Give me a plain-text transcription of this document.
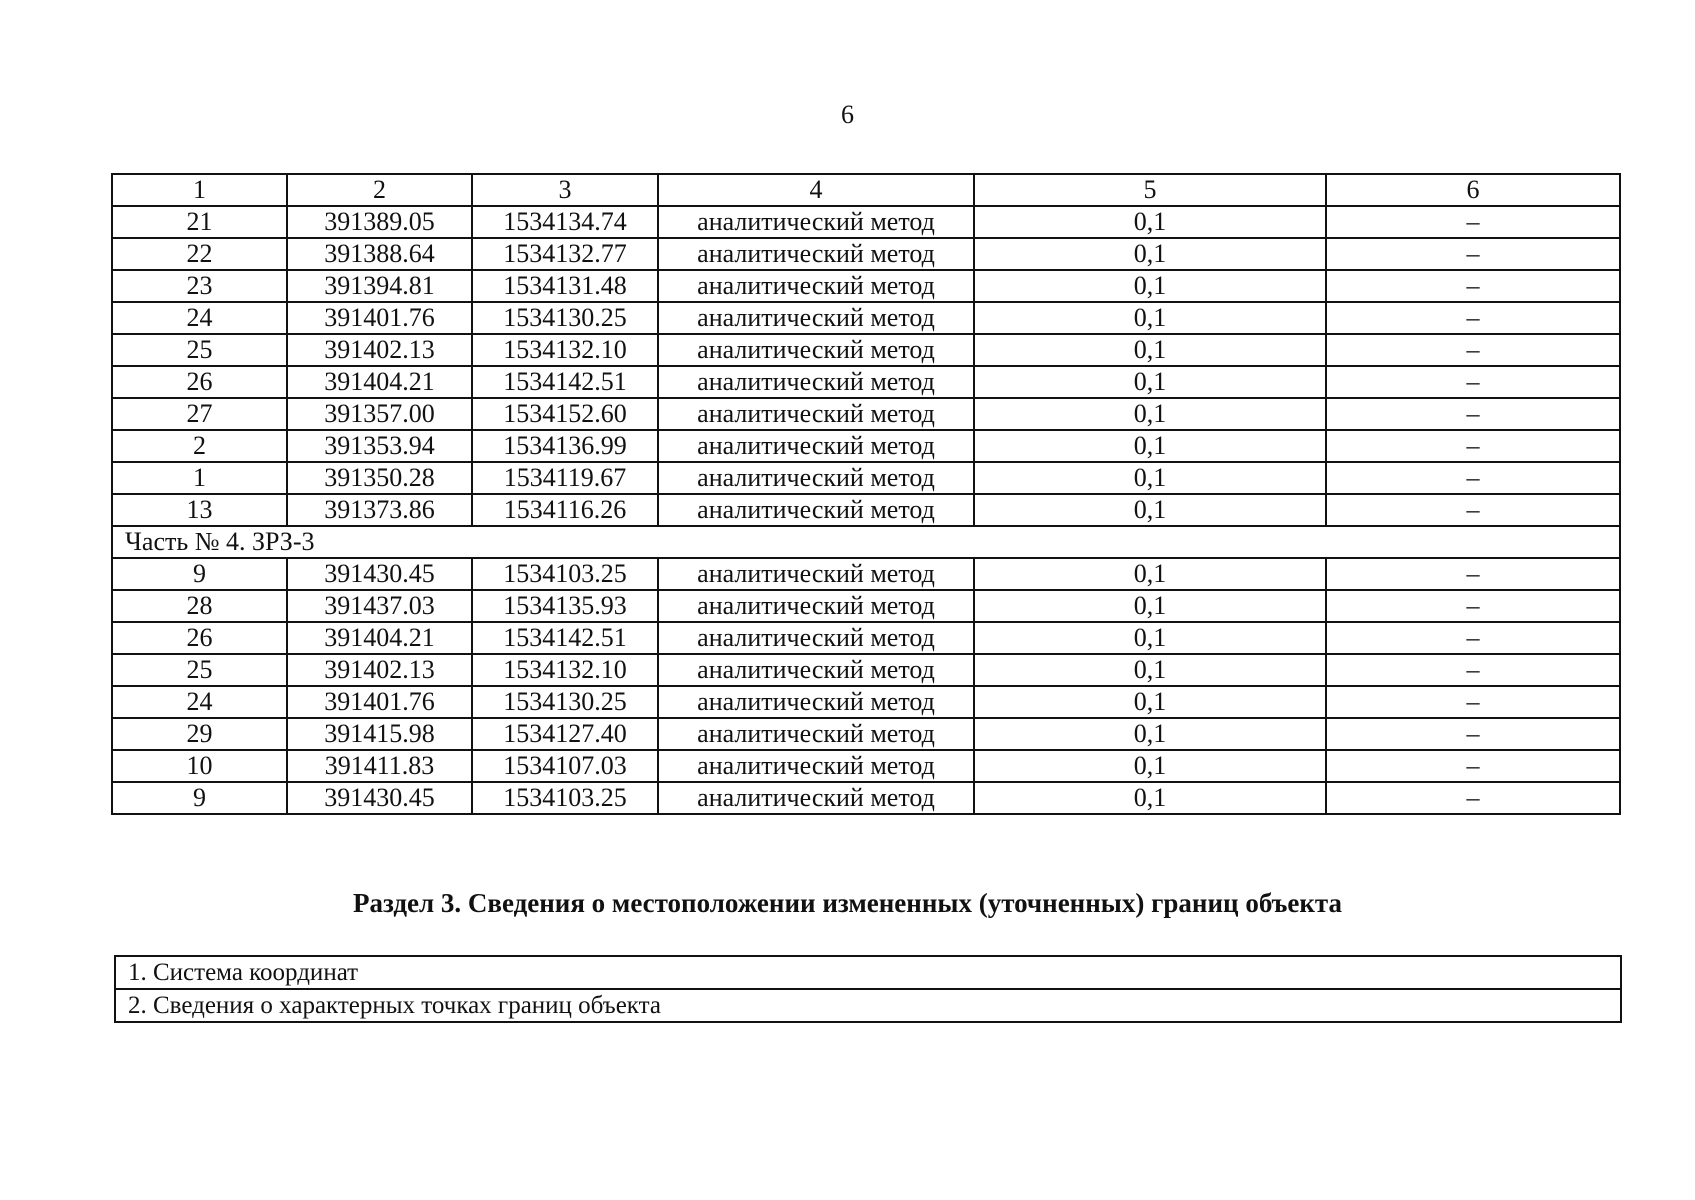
6
1	2	3	4	5	6
21	391389.05	1534134.74	аналитический метод	0,1	–
22	391388.64	1534132.77	аналитический метод	0,1	–
23	391394.81	1534131.48	аналитический метод	0,1	–
24	391401.76	1534130.25	аналитический метод	0,1	–
25	391402.13	1534132.10	аналитический метод	0,1	–
26	391404.21	1534142.51	аналитический метод	0,1	–
27	391357.00	1534152.60	аналитический метод	0,1	–
2	391353.94	1534136.99	аналитический метод	0,1	–
1	391350.28	1534119.67	аналитический метод	0,1	–
13	391373.86	1534116.26	аналитический метод	0,1	–
Часть № 4. ЗРЗ-3					
9	391430.45	1534103.25	аналитический метод	0,1	–
28	391437.03	1534135.93	аналитический метод	0,1	–
26	391404.21	1534142.51	аналитический метод	0,1	–
25	391402.13	1534132.10	аналитический метод	0,1	–
24	391401.76	1534130.25	аналитический метод	0,1	–
29	391415.98	1534127.40	аналитический метод	0,1	–
10	391411.83	1534107.03	аналитический метод	0,1	–
9	391430.45	1534103.25	аналитический метод	0,1	–
Раздел 3. Сведения о местоположении измененных (уточненных) границ объекта
1. Система координат
2. Сведения о характерных точках границ объекта
